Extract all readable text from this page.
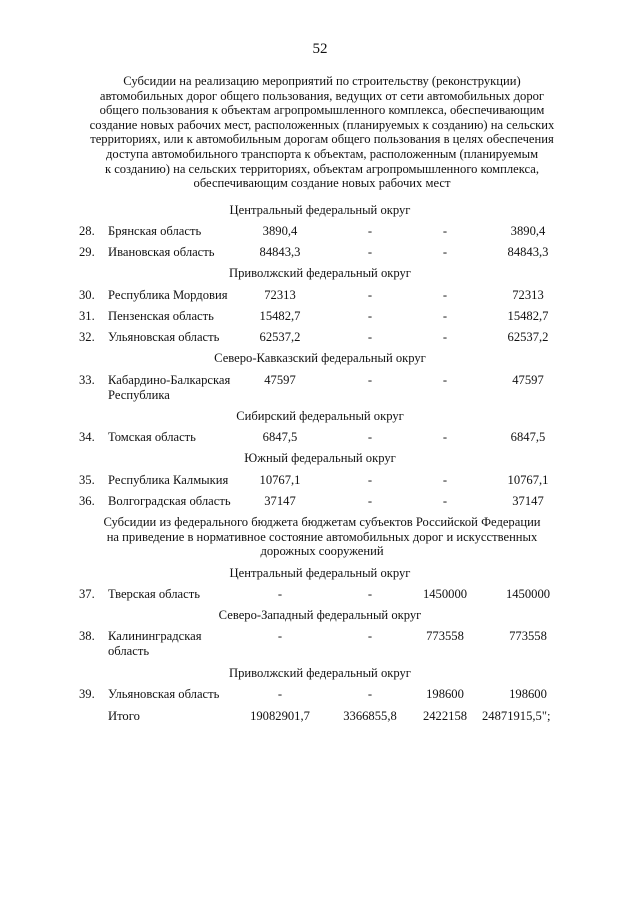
52
Субсидии на реализацию мероприятий по строительству (реконструкции)
автомобильных дорог общего пользования, ведущих от сети автомобильных дорог
общего пользования к объектам агропромышленного комплекса, обеспечивающим
создание новых рабочих мест, расположенных (планируемых к созданию) на сельских
территориях, или к автомобильным дорогам общего пользования в целях обеспечения
доступа автомобильного транспорта к объектам, расположенным (планируемым
к созданию) на сельских территориях, объектам агропромышленного комплекса,
обеспечивающим создание новых рабочих мест
Центральный федеральный округ
28. Брянская область	3890,4	-	-	3890,4
29. Ивановская область	84843,3	-	-	84843,3
Приволжский федеральный округ
30. Республика Мордовия	72313	-	-	72313
31. Пензенская область	15482,7	-	-	15482,7
32. Ульяновская область	62537,2	-	-	62537,2
Северо-Кавказский федеральный округ
33. Кабардино-Балкарская Республика
47597	-	-	47597
Сибирский федеральный округ
34. Томская область	6847,5	-	-	6847,5
Южный федеральный округ
35. Республика Калмыкия	10767,1	-	-	10767,1
36. Волгоградская область	37147	-	-	37147
Субсидии из федерального бюджета бюджетам субъектов Российской Федерации
на приведение в нормативное состояние автомобильных дорог и искусственных
дорожных сооружений
Центральный федеральный округ
37. Тверская область	-	-	1450000	1450000
Северо-Западный федеральный округ
38. Калининградская область
-	-	773558	773558
Приволжский федеральный округ
39. Ульяновская область	-	-	198600	198600
Итого	19082901,7	3366855,8	2422158	24871915,5";
